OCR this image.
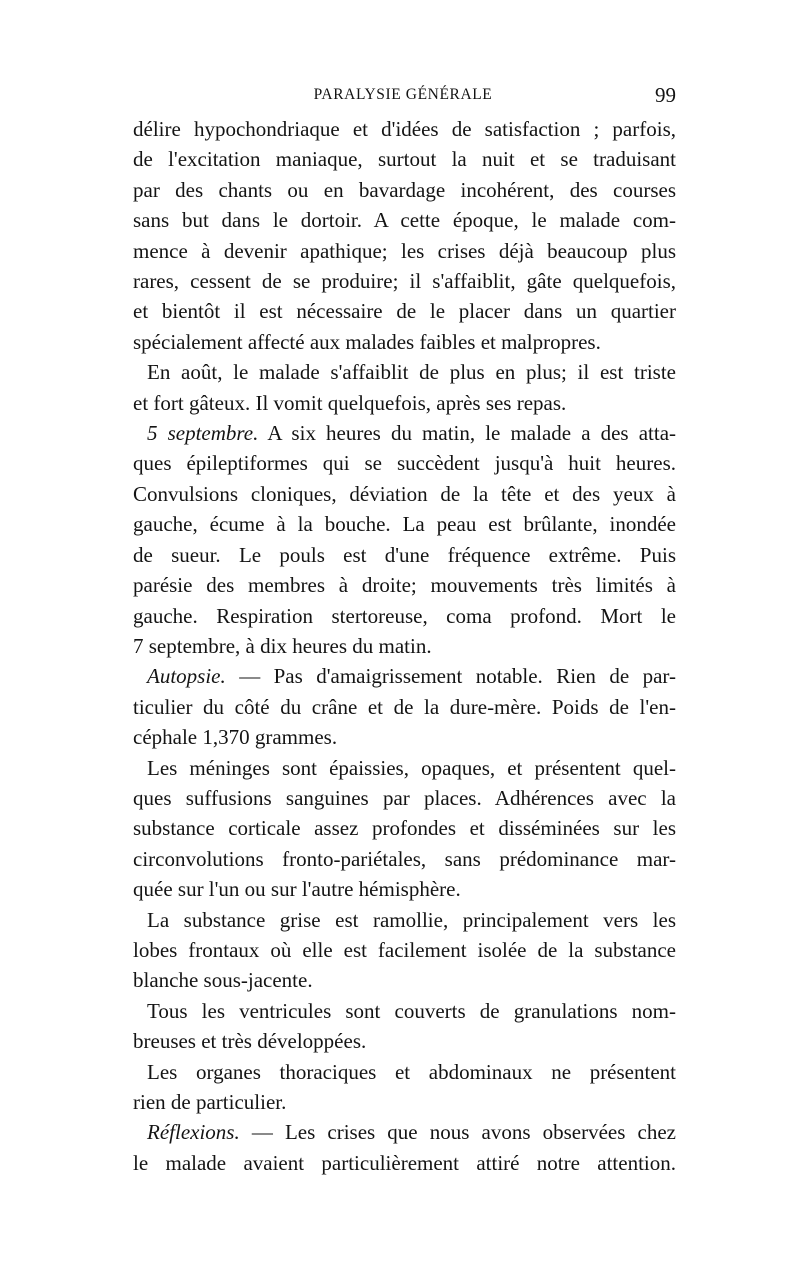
PARALYSIE GÉNÉRALE	99
délire hypochondriaque et d'idées de satisfaction ; parfois,
de l'excitation maniaque, surtout la nuit et se traduisant
par des chants ou en bavardage incohérent, des courses
sans but dans le dortoir. A cette époque, le malade com-
mence à devenir apathique; les crises déjà beaucoup plus
rares, cessent de se produire; il s'affaiblit, gâte quelquefois,
et bientôt il est nécessaire de le placer dans un quartier
spécialement affecté aux malades faibles et malpropres.
En août, le malade s'affaiblit de plus en plus; il est triste
et fort gâteux. Il vomit quelquefois, après ses repas.
5 septembre. A six heures du matin, le malade a des atta-
ques épileptiformes qui se succèdent jusqu'à huit heures.
Convulsions cloniques, déviation de la tête et des yeux à
gauche, écume à la bouche. La peau est brûlante, inondée
de sueur. Le pouls est d'une fréquence extrême. Puis
parésie des membres à droite; mouvements très limités à
gauche. Respiration stertoreuse, coma profond. Mort le
7 septembre, à dix heures du matin.
Autopsie. — Pas d'amaigrissement notable. Rien de par-
ticulier du côté du crâne et de la dure-mère. Poids de l'en-
céphale 1,370 grammes.
Les méninges sont épaissies, opaques, et présentent quel-
ques suffusions sanguines par places. Adhérences avec la
substance corticale assez profondes et disséminées sur les
circonvolutions fronto-pariétales, sans prédominance mar-
quée sur l'un ou sur l'autre hémisphère.
La substance grise est ramollie, principalement vers les
lobes frontaux où elle est facilement isolée de la substance
blanche sous-jacente.
Tous les ventricules sont couverts de granulations nom-
breuses et très développées.
Les organes thoraciques et abdominaux ne présentent
rien de particulier.
Réflexions. — Les crises que nous avons observées chez
le malade avaient particulièrement attiré notre attention.
